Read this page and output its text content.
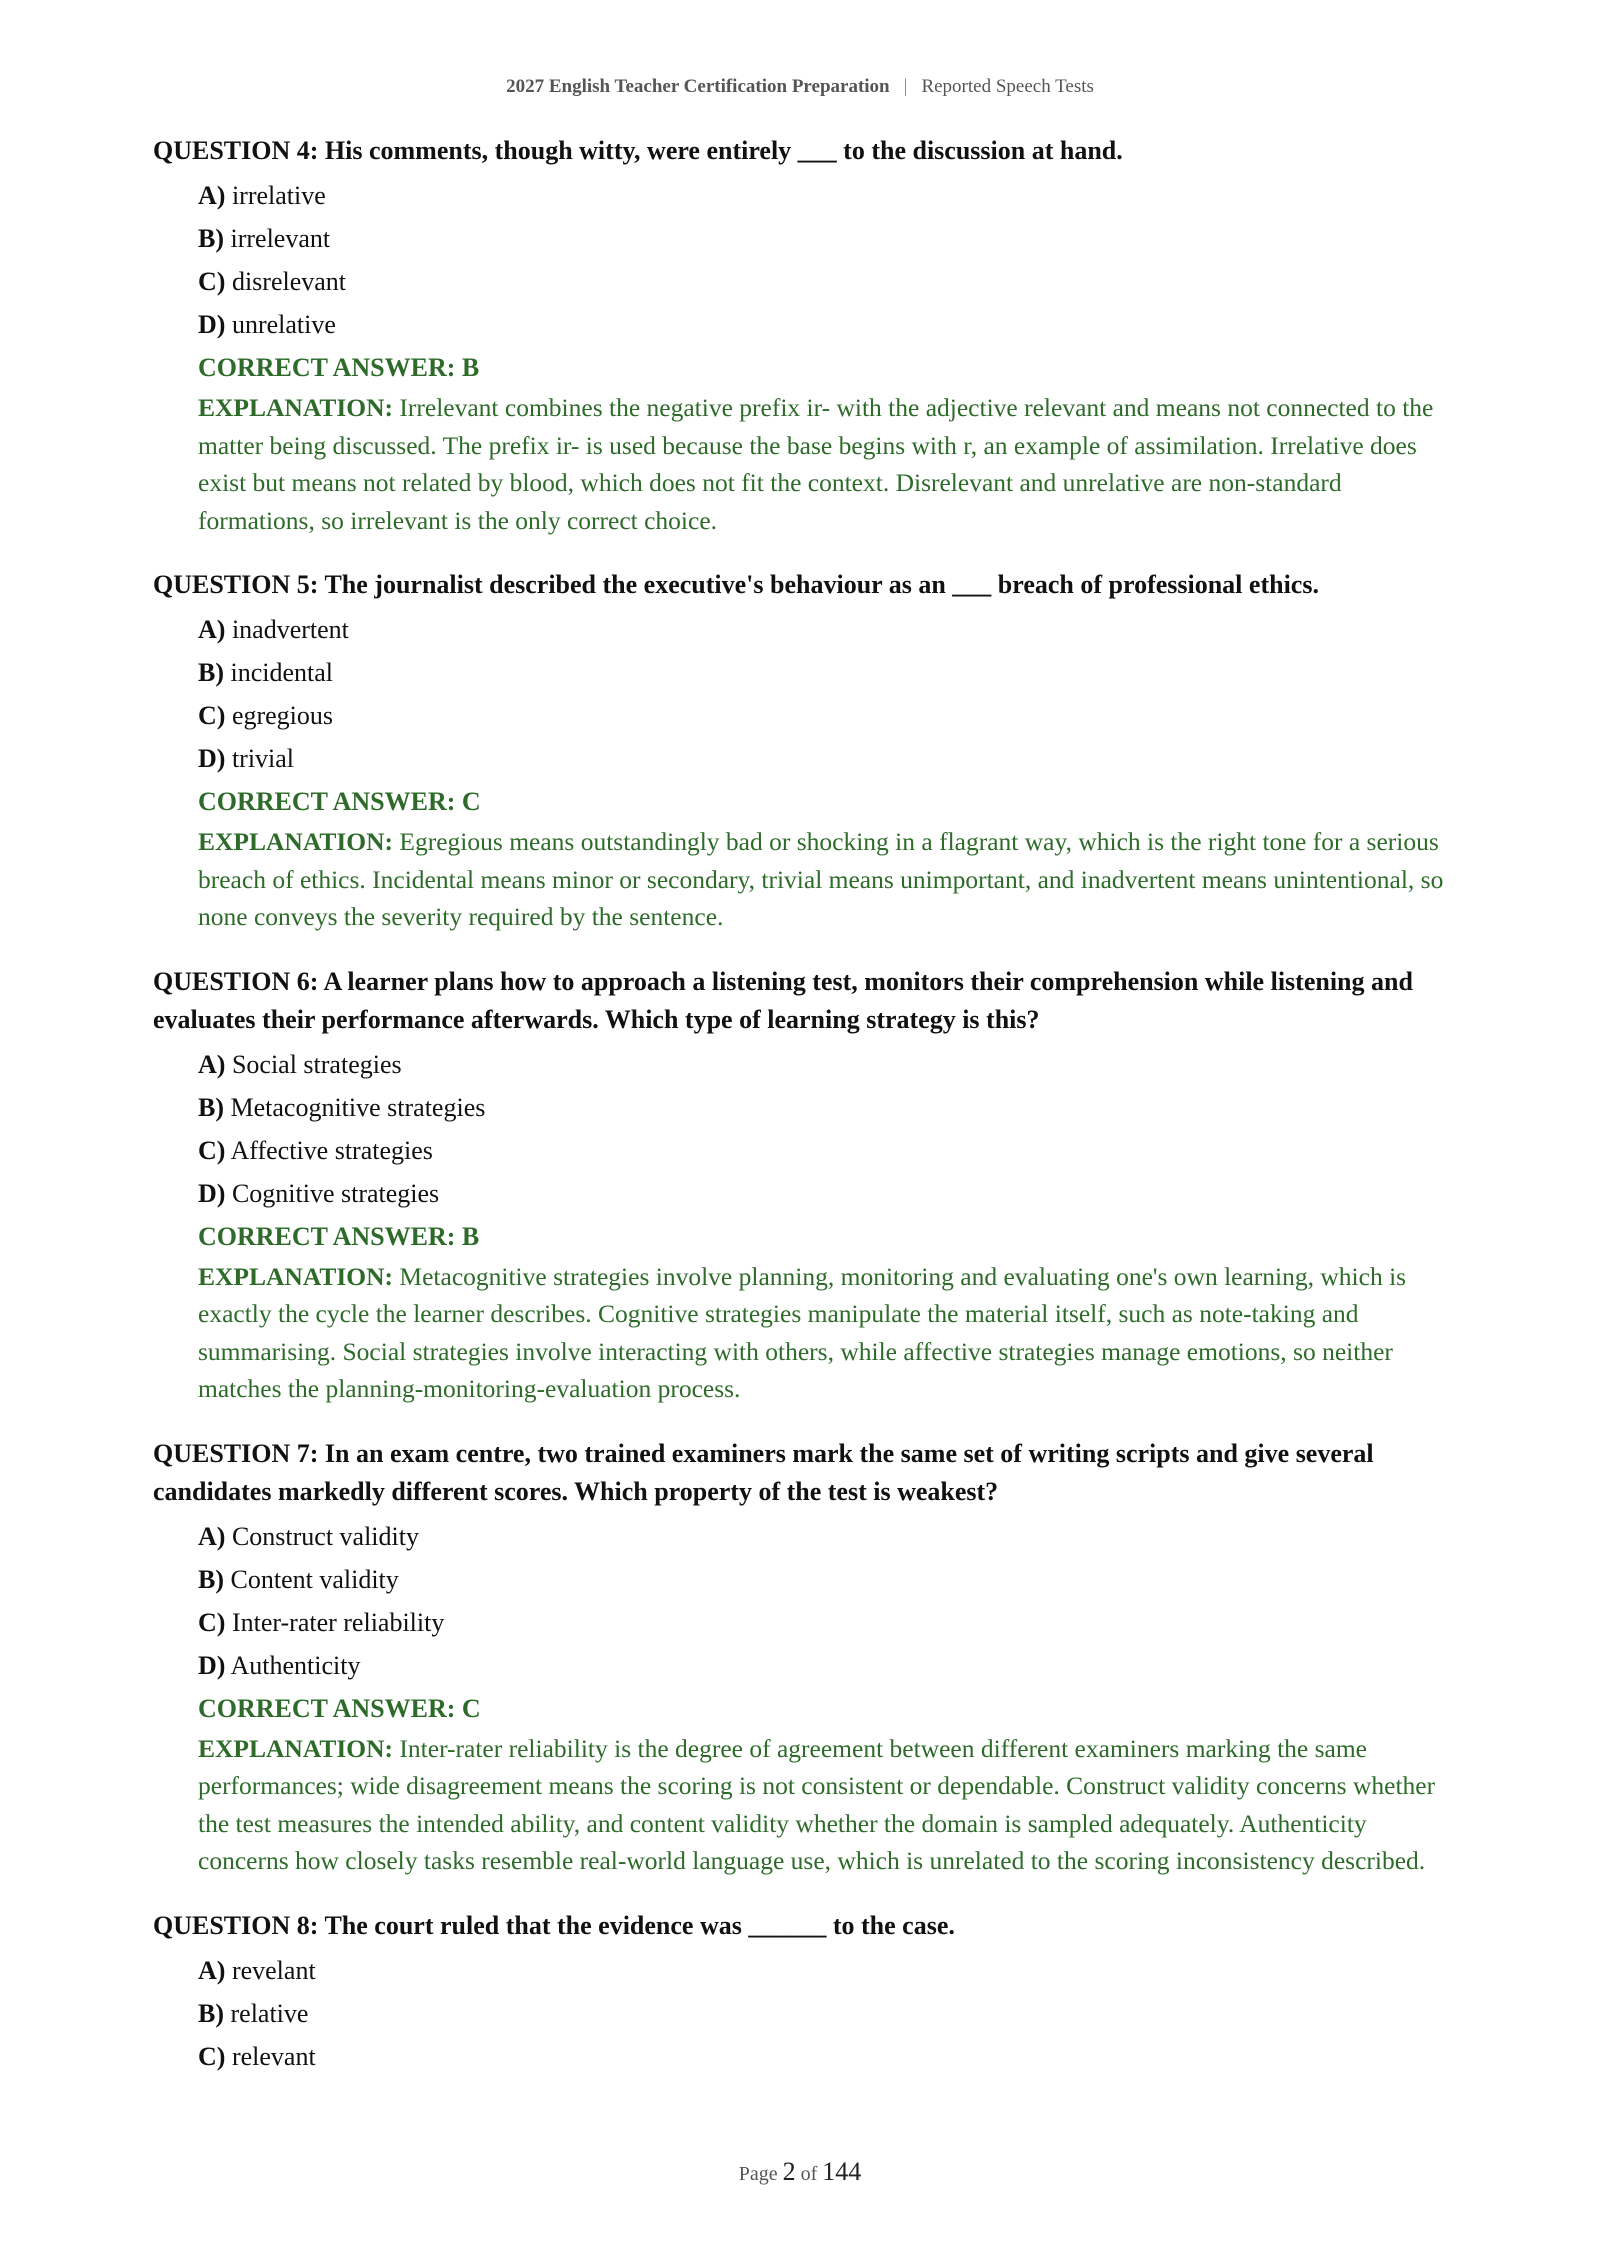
2027 English Teacher Certification Preparation | Reported Speech Tests

QUESTION 4: His comments, though witty, were entirely ___ to the discussion at hand.

A) irrelative
B) irrelevant
C) disrelevant
D) unrelative
CORRECT ANSWER: B

EXPLANATION: Irrelevant combines the negative prefix ir- with the adjective relevant and means not connected to the matter being discussed. The prefix ir- is used because the base begins with r, an example of assimilation. Irrelative does exist but means not related by blood, which does not fit the context. Disrelevant and unrelative are non-standard formations, so irrelevant is the only correct choice.

QUESTION 5: The journalist described the executive's behaviour as an ___ breach of professional ethics.

A) inadvertent
B) incidental
C) egregious
D) trivial
CORRECT ANSWER: C

EXPLANATION: Egregious means outstandingly bad or shocking in a flagrant way, which is the right tone for a serious breach of ethics. Incidental means minor or secondary, trivial means unimportant, and inadvertent means unintentional, so none conveys the severity required by the sentence.

QUESTION 6: A learner plans how to approach a listening test, monitors their comprehension while listening and evaluates their performance afterwards. Which type of learning strategy is this?

A) Social strategies
B) Metacognitive strategies
C) Affective strategies
D) Cognitive strategies
CORRECT ANSWER: B

EXPLANATION: Metacognitive strategies involve planning, monitoring and evaluating one's own learning, which is exactly the cycle the learner describes. Cognitive strategies manipulate the material itself, such as note-taking and summarising. Social strategies involve interacting with others, while affective strategies manage emotions, so neither matches the planning-monitoring-evaluation process.

QUESTION 7: In an exam centre, two trained examiners mark the same set of writing scripts and give several candidates markedly different scores. Which property of the test is weakest?

A) Construct validity
B) Content validity
C) Inter-rater reliability
D) Authenticity
CORRECT ANSWER: C

EXPLANATION: Inter-rater reliability is the degree of agreement between different examiners marking the same performances; wide disagreement means the scoring is not consistent or dependable. Construct validity concerns whether the test measures the intended ability, and content validity whether the domain is sampled adequately. Authenticity concerns how closely tasks resemble real-world language use, which is unrelated to the scoring inconsistency described.

QUESTION 8: The court ruled that the evidence was ______ to the case.

A) revelant
B) relative
C) relevant
Page 2 of 144
